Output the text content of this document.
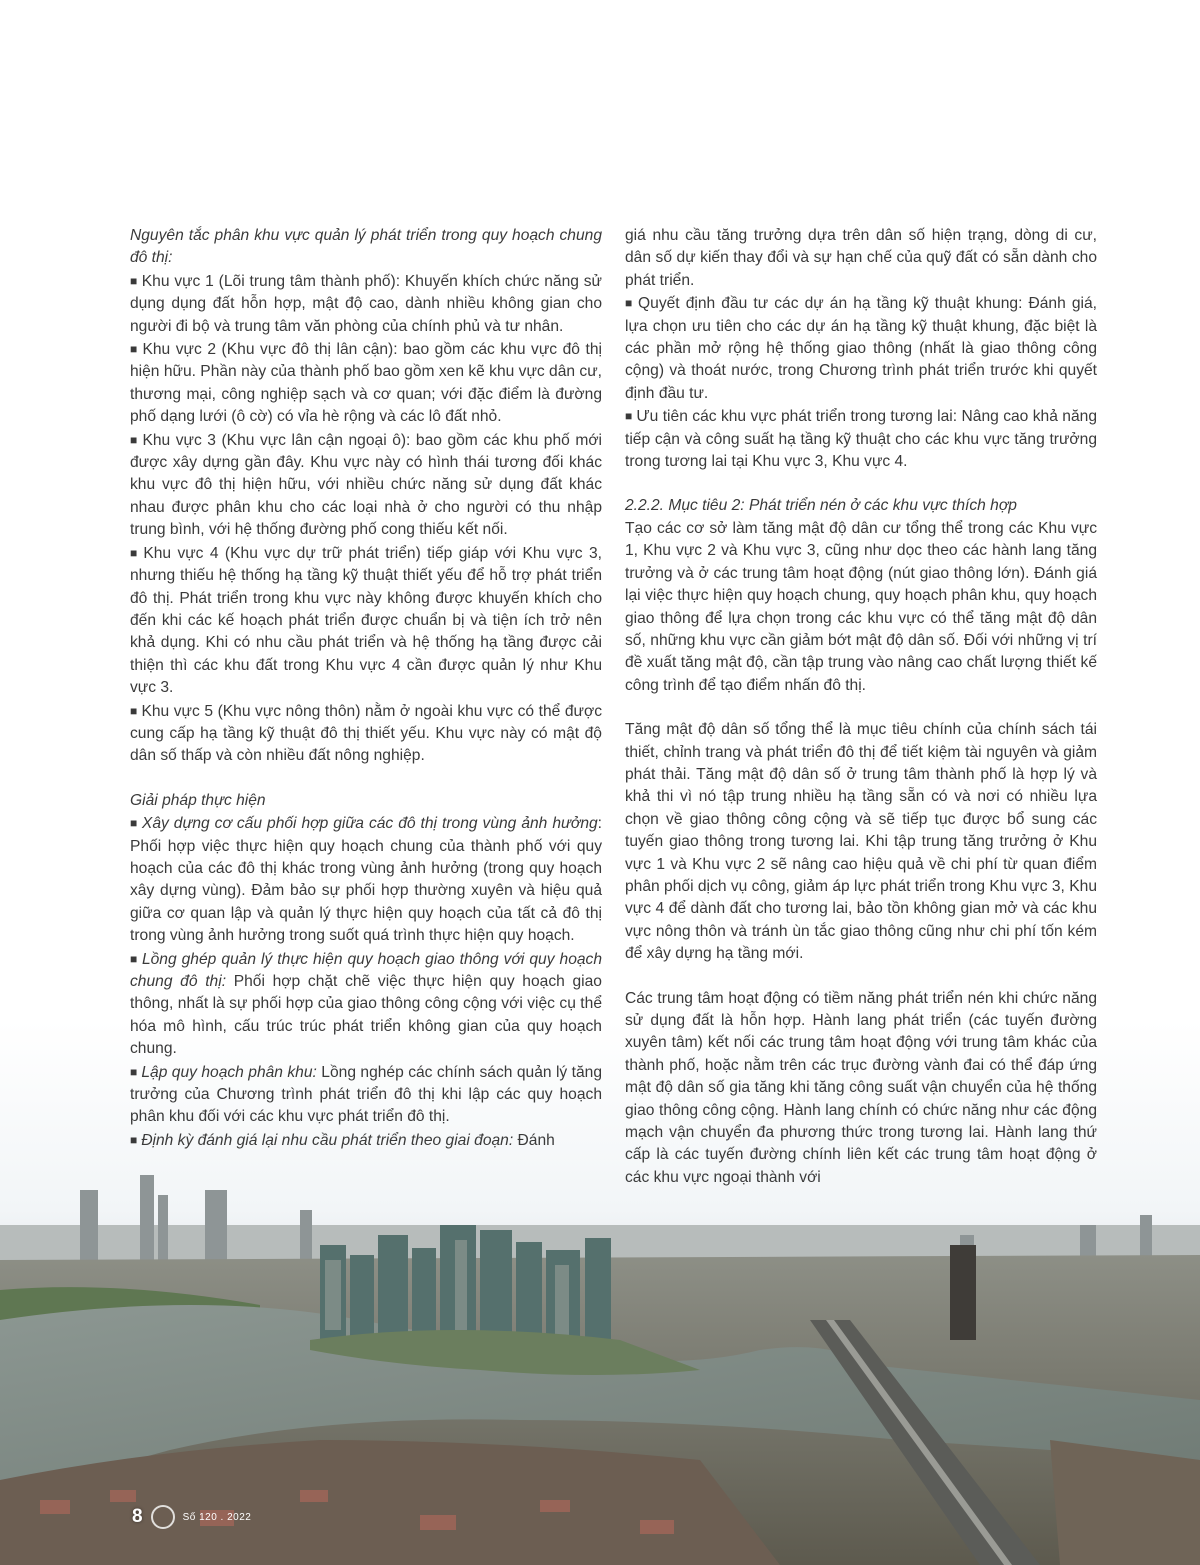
Nguyên tắc phân khu vực quản lý phát triển trong quy hoạch chung đô thị:

■ Khu vực 1 (Lõi trung tâm thành phố): Khuyến khích chức năng sử dụng dụng đất hỗn hợp, mật độ cao, dành nhiều không gian cho người đi bộ và trung tâm văn phòng của chính phủ và tư nhân.

■ Khu vực 2 (Khu vực đô thị lân cận): bao gồm các khu vực đô thị hiện hữu. Phần này của thành phố bao gồm xen kẽ khu vực dân cư, thương mại, công nghiệp sạch và cơ quan; với đặc điểm là đường phố dạng lưới (ô cờ) có vỉa hè rộng và các lô đất nhỏ.

■ Khu vực 3 (Khu vực lân cận ngoại ô): bao gồm các khu phố mới được xây dựng gần đây. Khu vực này có hình thái tương đối khác khu vực đô thị hiện hữu, với nhiều chức năng sử dụng đất khác nhau được phân khu cho các loại nhà ở cho người có thu nhập trung bình, với hệ thống đường phố cong thiếu kết nối.

■ Khu vực 4 (Khu vực dự trữ phát triển) tiếp giáp với Khu vực 3, nhưng thiếu hệ thống hạ tầng kỹ thuật thiết yếu để hỗ trợ phát triển đô thị. Phát triển trong khu vực này không được khuyến khích cho đến khi các kế hoạch phát triển được chuẩn bị và tiện ích trở nên khả dụng. Khi có nhu cầu phát triển và hệ thống hạ tầng được cải thiện thì các khu đất trong Khu vực 4 cần được quản lý như Khu vực 3.

■ Khu vực 5 (Khu vực nông thôn) nằm ở ngoài khu vực có thể được cung cấp hạ tầng kỹ thuật đô thị thiết yếu. Khu vực này có mật độ dân số thấp và còn nhiều đất nông nghiệp.

Giải pháp thực hiện

■ Xây dựng cơ cấu phối hợp giữa các đô thị trong vùng ảnh hưởng: Phối hợp việc thực hiện quy hoạch chung của thành phố với quy hoạch của các đô thị khác trong vùng ảnh hưởng (trong quy hoạch xây dựng vùng). Đảm bảo sự phối hợp thường xuyên và hiệu quả giữa cơ quan lập và quản lý thực hiện quy hoạch của tất cả đô thị trong vùng ảnh hưởng trong suốt quá trình thực hiện quy hoạch.

■ Lồng ghép quản lý thực hiện quy hoạch giao thông với quy hoạch chung đô thị: Phối hợp chặt chẽ việc thực hiện quy hoạch giao thông, nhất là sự phối hợp của giao thông công cộng với việc cụ thể hóa mô hình, cấu trúc trúc phát triển không gian của quy hoạch chung.

■ Lập quy hoạch phân khu: Lồng nghép các chính sách quản lý tăng trưởng của Chương trình phát triển đô thị khi lập các quy hoạch phân khu đối với các khu vực phát triển đô thị.

■ Định kỳ đánh giá lại nhu cầu phát triển theo giai đoạn: Đánh

giá nhu cầu tăng trưởng dựa trên dân số hiện trạng, dòng di cư, dân số dự kiến thay đổi và sự hạn chế của quỹ đất có sẵn dành cho phát triển.

■ Quyết định đầu tư các dự án hạ tầng kỹ thuật khung: Đánh giá, lựa chọn ưu tiên cho các dự án hạ tầng kỹ thuật khung, đặc biệt là các phần mở rộng hệ thống giao thông (nhất là giao thông công cộng) và thoát nước, trong Chương trình phát triển trước khi quyết định đầu tư.

■ Ưu tiên các khu vực phát triển trong tương lai: Nâng cao khả năng tiếp cận và công suất hạ tầng kỹ thuật cho các khu vực tăng trưởng trong tương lai tại Khu vực 3, Khu vực 4.

2.2.2. Mục tiêu 2: Phát triển nén ở các khu vực thích hợp

Tạo các cơ sở làm tăng mật độ dân cư tổng thể trong các Khu vực 1, Khu vực 2 và Khu vực 3, cũng như dọc theo các hành lang tăng trưởng và ở các trung tâm hoạt động (nút giao thông lớn). Đánh giá lại việc thực hiện quy hoạch chung, quy hoạch phân khu, quy hoạch giao thông để lựa chọn trong các khu vực có thể tăng mật độ dân số, những khu vực cần giảm bớt mật độ dân số. Đối với những vị trí đề xuất tăng mật độ, cần tập trung vào nâng cao chất lượng thiết kế công trình để tạo điểm nhấn đô thị.

Tăng mật độ dân số tổng thể là mục tiêu chính của chính sách tái thiết, chỉnh trang và phát triển đô thị để tiết kiệm tài nguyên và giảm phát thải. Tăng mật độ dân số ở trung tâm thành phố là hợp lý và khả thi vì nó tập trung nhiều hạ tầng sẵn có và nơi có nhiều lựa chọn về giao thông công cộng và sẽ tiếp tục được bổ sung các tuyến giao thông trong tương lai. Khi tập trung tăng trưởng ở Khu vực 1 và Khu vực 2 sẽ nâng cao hiệu quả về chi phí từ quan điểm phân phối dịch vụ công, giảm áp lực phát triển trong Khu vực 3, Khu vực 4 để dành đất cho tương lai, bảo tồn không gian mở và các khu vực nông thôn và tránh ùn tắc giao thông cũng như chi phí tốn kém để xây dựng hạ tầng mới.

Các trung tâm hoạt động có tiềm năng phát triển nén khi chức năng sử dụng đất là hỗn hợp. Hành lang phát triển (các tuyến đường xuyên tâm) kết nối các trung tâm hoạt động với trung tâm khác của thành phố, hoặc nằm trên các trục đường vành đai có thể đáp ứng mật độ dân số gia tăng khi tăng công suất vận chuyển của hệ thống giao thông công cộng. Hành lang chính có chức năng như các động mạch vận chuyển đa phương thức trong tương lai. Hành lang thứ cấp là các tuyến đường chính liên kết các trung tâm hoạt động ở các khu vực ngoại thành với

8	Số 120 . 2022
